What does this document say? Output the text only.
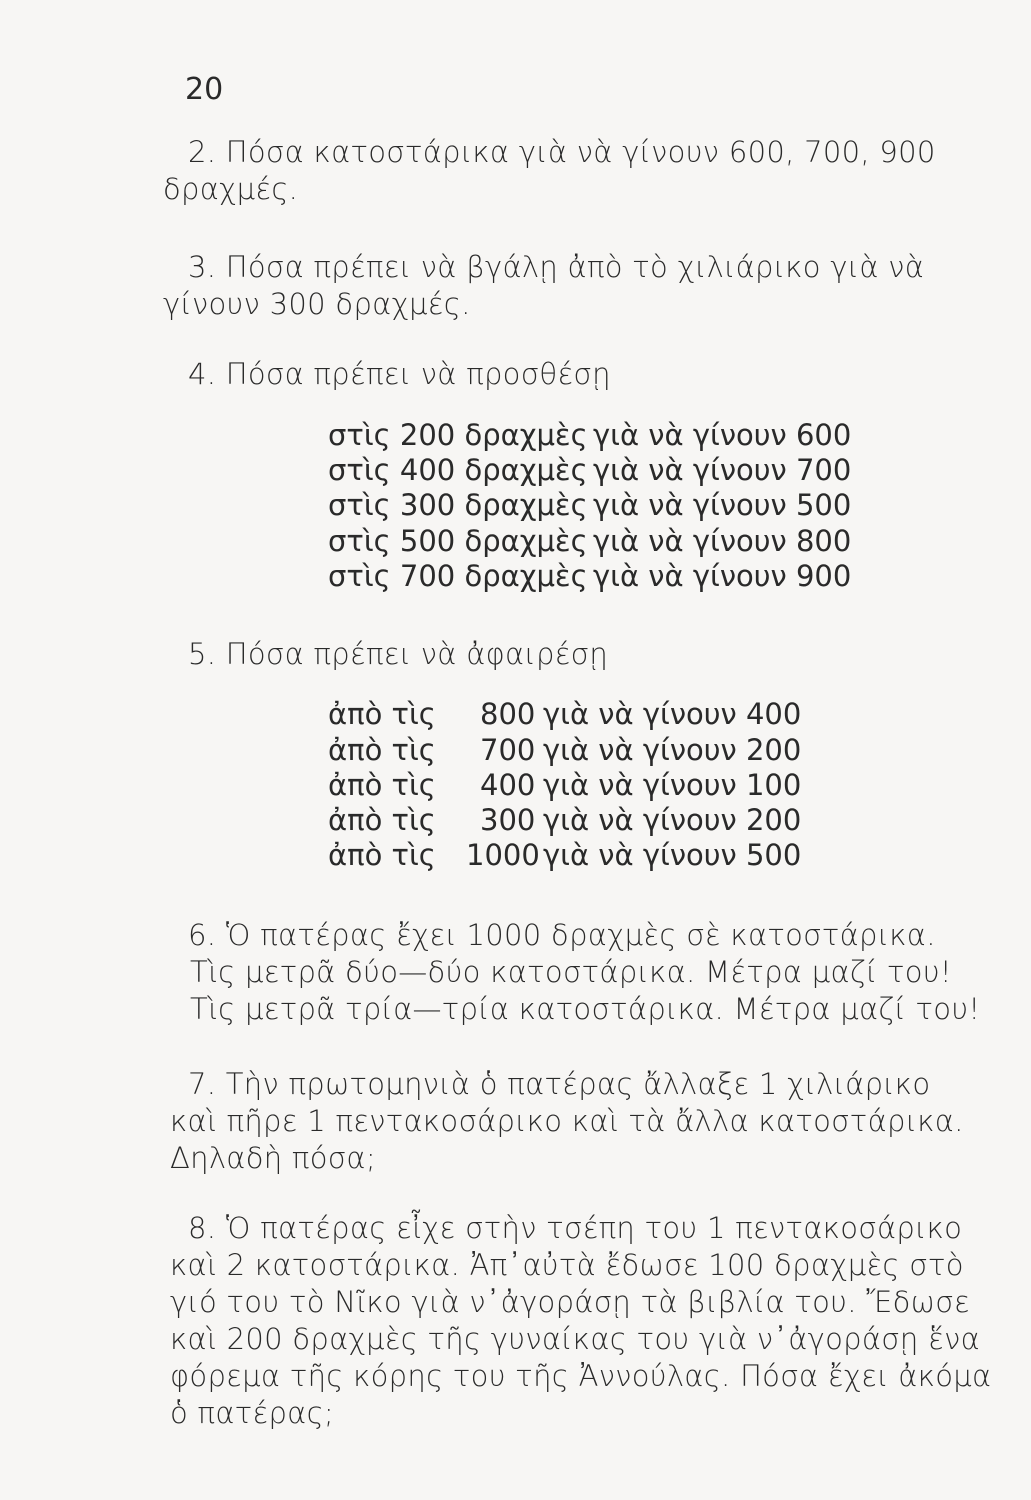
20
2. Πόσα κατοστάρικα γιὰ νὰ γίνουν 600, 700, 900
δραχμές.
3. Πόσα πρέπει νὰ βγάλῃ ἀπὸ τὸ χιλιάρικο γιὰ νὰ
γίνουν 300 δραχμές.
4. Πόσα πρέπει νὰ προσθέσῃ
στὶς 200 δραχμὲς γιὰ νὰ γίνουν 600
στὶς 400 δραχμὲς γιὰ νὰ γίνουν 700
στὶς 300 δραχμὲς γιὰ νὰ γίνουν 500
στὶς 500 δραχμὲς γιὰ νὰ γίνουν 800
στὶς 700 δραχμὲς γιὰ νὰ γίνουν 900
5. Πόσα πρέπει νὰ ἀφαιρέσῃ
ἀπὸ τὶς 800 γιὰ νὰ γίνουν 400
ἀπὸ τὶς 700 γιὰ νὰ γίνουν 200
ἀπὸ τὶς 400 γιὰ νὰ γίνουν 100
ἀπὸ τὶς 300 γιὰ νὰ γίνουν 200
ἀπὸ τὶς 1000 γιὰ νὰ γίνουν 500
6. Ὁ πατέρας ἔχει 1000 δραχμὲς σὲ κατοστάρικα.
Τὶς μετρᾶ δύο—δύο κατοστάρικα. Μέτρα μαζί του!
Τὶς μετρᾶ τρία—τρία κατοστάρικα. Μέτρα μαζί του!
7. Τὴν πρωτομηνιὰ ὁ πατέρας ἄλλαξε 1 χιλιάρικο
καὶ πῆρε 1 πεντακοσάρικο καὶ τὰ ἄλλα κατοστάρικα.
Δηλαδὴ πόσα;
8. Ὁ πατέρας εἶχε στὴν τσέπη του 1 πεντακοσάρικο
καὶ 2 κατοστάρικα. Ἀπ᾿αὐτὰ ἔδωσε 100 δραχμὲς στὸ
γιό του τὸ Νῖκο γιὰ ν᾿ἀγοράσῃ τὰ βιβλία του. Ἔδωσε
καὶ 200 δραχμὲς τῆς γυναίκας του γιὰ ν᾿ἀγοράσῃ ἕνα
φόρεμα τῆς κόρης του τῆς Ἀννούλας. Πόσα ἔχει ἀκόμα
ὁ πατέρας;
